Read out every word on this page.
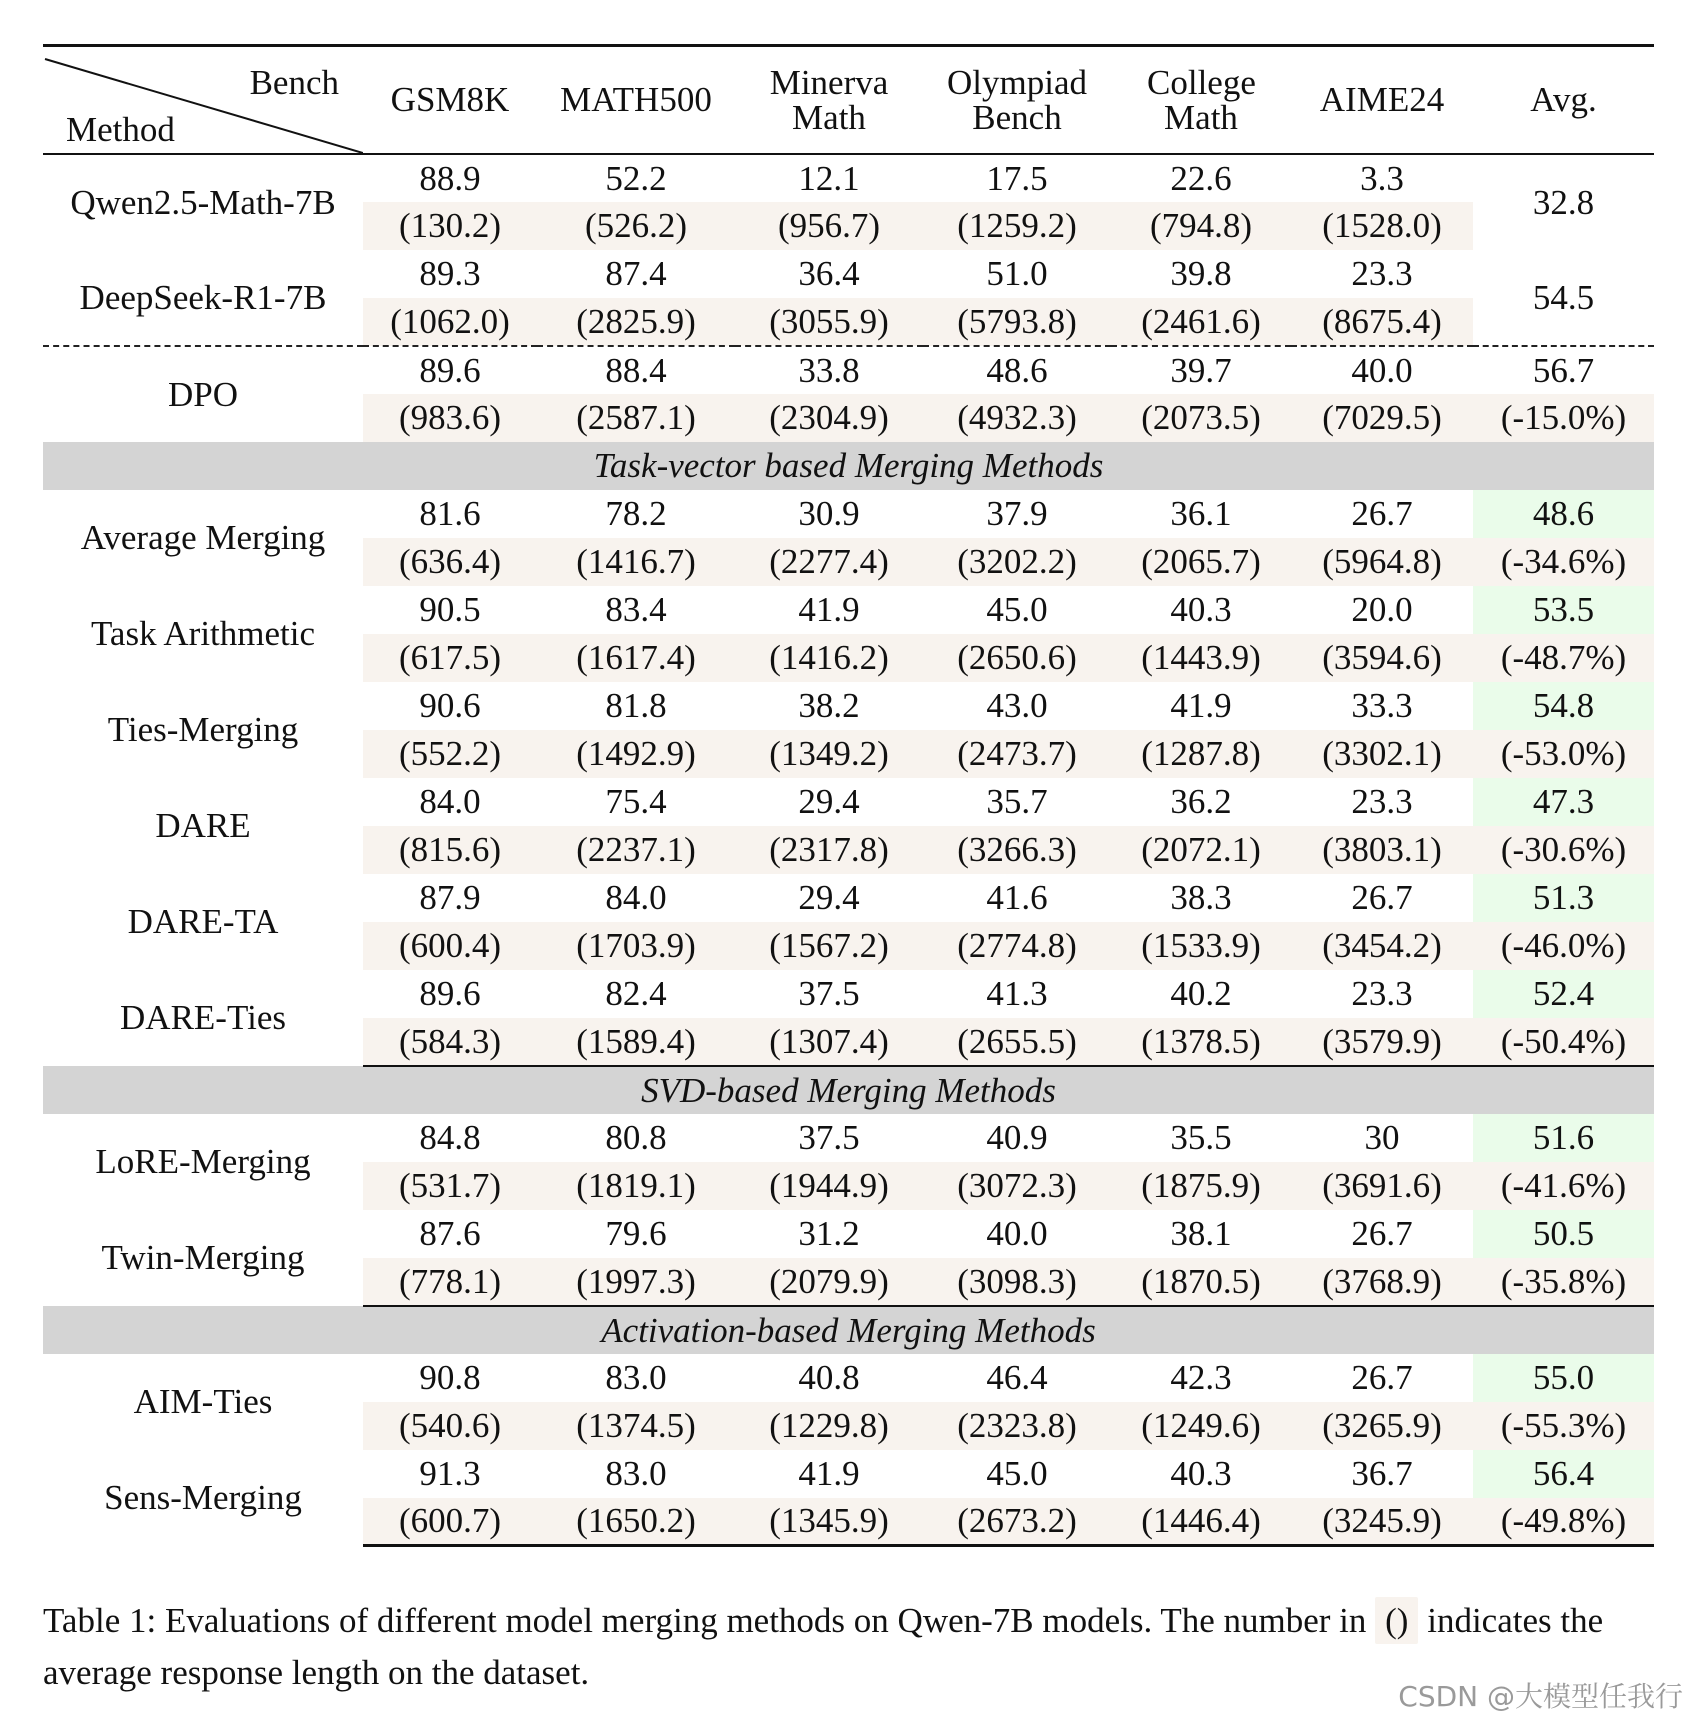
Bench
Method	GSM8K	MATH500	Minerva Math	Olympiad Bench	College Math	AIME24	Avg.
Qwen2.5-Math-7B	88.9	52.2	12.1	17.5	22.6	3.3	32.8
	(130.2)	(526.2)	(956.7)	(1259.2)	(794.8)	(1528.0)	
DeepSeek-R1-7B	89.3	87.4	36.4	51.0	39.8	23.3	54.5
	(1062.0)	(2825.9)	(3055.9)	(5793.8)	(2461.6)	(8675.4)	
DPO	89.6	88.4	33.8	48.6	39.7	40.0	56.7
	(983.6)	(2587.1)	(2304.9)	(4932.3)	(2073.5)	(7029.5)	(-15.0%)
Task-vector based Merging Methods							
Average Merging	81.6	78.2	30.9	37.9	36.1	26.7	48.6
	(636.4)	(1416.7)	(2277.4)	(3202.2)	(2065.7)	(5964.8)	(-34.6%)
Task Arithmetic	90.5	83.4	41.9	45.0	40.3	20.0	53.5
	(617.5)	(1617.4)	(1416.2)	(2650.6)	(1443.9)	(3594.6)	(-48.7%)
Ties-Merging	90.6	81.8	38.2	43.0	41.9	33.3	54.8
	(552.2)	(1492.9)	(1349.2)	(2473.7)	(1287.8)	(3302.1)	(-53.0%)
DARE	84.0	75.4	29.4	35.7	36.2	23.3	47.3
	(815.6)	(2237.1)	(2317.8)	(3266.3)	(2072.1)	(3803.1)	(-30.6%)
DARE-TA	87.9	84.0	29.4	41.6	38.3	26.7	51.3
	(600.4)	(1703.9)	(1567.2)	(2774.8)	(1533.9)	(3454.2)	(-46.0%)
DARE-Ties	89.6	82.4	37.5	41.3	40.2	23.3	52.4
	(584.3)	(1589.4)	(1307.4)	(2655.5)	(1378.5)	(3579.9)	(-50.4%)
SVD-based Merging Methods							
LoRE-Merging	84.8	80.8	37.5	40.9	35.5	30	51.6
	(531.7)	(1819.1)	(1944.9)	(3072.3)	(1875.9)	(3691.6)	(-41.6%)
Twin-Merging	87.6	79.6	31.2	40.0	38.1	26.7	50.5
	(778.1)	(1997.3)	(2079.9)	(3098.3)	(1870.5)	(3768.9)	(-35.8%)
Activation-based Merging Methods							
AIM-Ties	90.8	83.0	40.8	46.4	42.3	26.7	55.0
	(540.6)	(1374.5)	(1229.8)	(2323.8)	(1249.6)	(3265.9)	(-55.3%)
Sens-Merging	91.3	83.0	41.9	45.0	40.3	36.7	56.4
	(600.7)	(1650.2)	(1345.9)	(2673.2)	(1446.4)	(3245.9)	(-49.8%)
Table 1: Evaluations of different model merging methods on Qwen-7B models. The number in () indicates the average response length on the dataset.
CSDN @大模型任我行
